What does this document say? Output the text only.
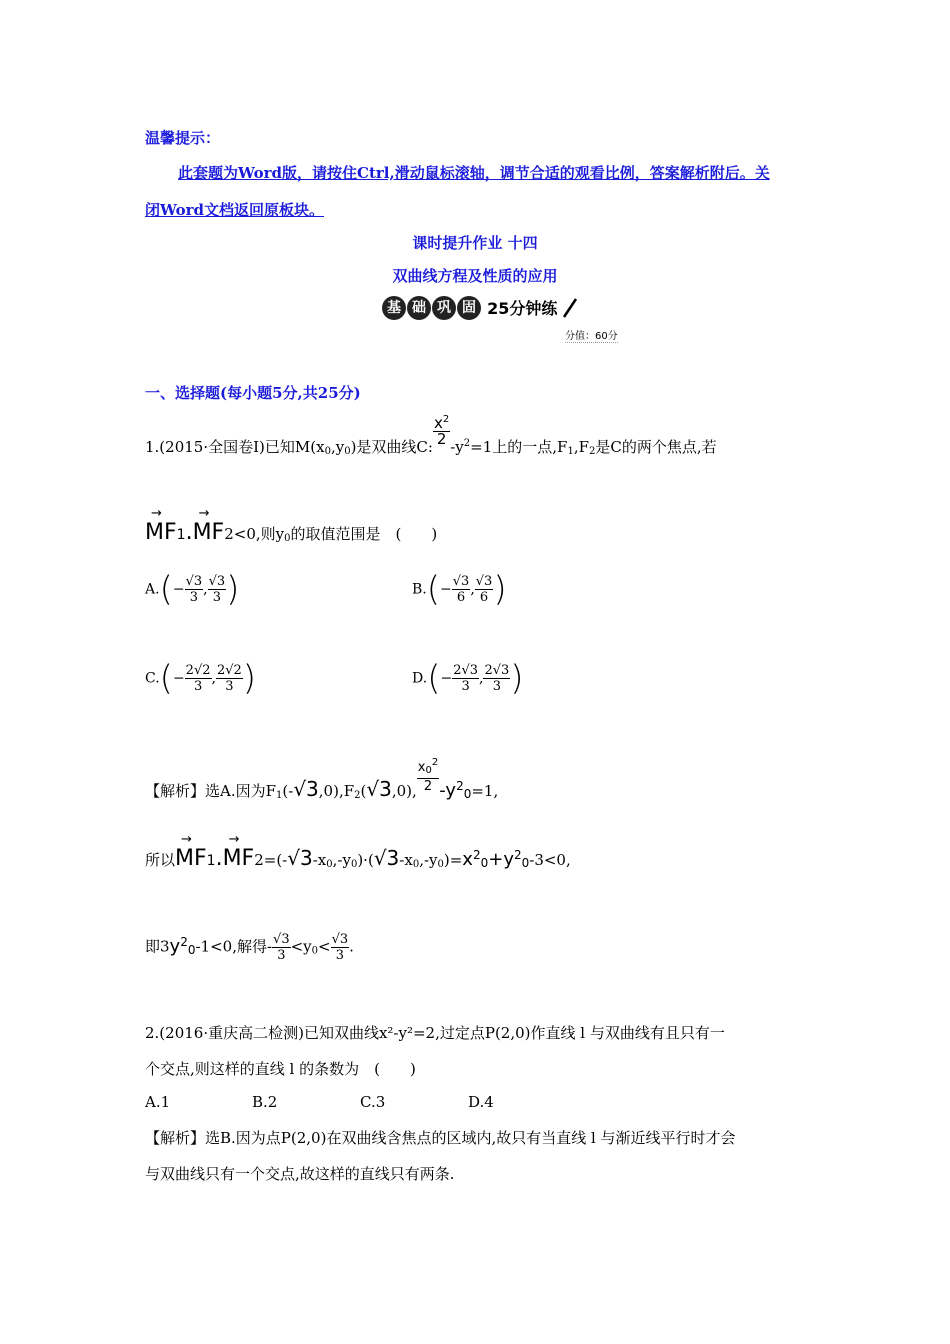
温馨提示：
此套题为Word版，请按住Ctrl,滑动鼠标滚轴，调节合适的观看比例，答案解析附后。关
闭Word文档返回原板块。
课时提升作业 十四
双曲线方程及性质的应用
基 础 巩 固 25分钟练
分值：60分
一、选择题(每小题5分,共25分)
1.(2015·全国卷Ⅰ)已知$M(x_0,y_0)$是双曲线C: $\frac{x^2}{2} -y^2=1$上的一点$,F_1,F_2$是C的两个焦点,若
→
MF1.
→
MF2<0,则$y_0$的取值范围是　(　　)
$A.(- \frac{√3}{3}$ , $\frac{√3}{3}$ )	$B.(- \frac{√3}{6}$ , $\frac{√3}{6}$ )
$C.(- \frac{2√2}{3}$ , $\frac{2√2}{3}$ )	$D.(- \frac{2√3}{3}$ , $\frac{2√3}{3}$ )
【解析】选A.因为$F_1(-√3,0),F_2(√3,0)$, $\frac{x_0^2}{2} -y^20=1$,
所以
→
MF1.
→
$MF2=(-√3-x_0,-y_0)\cdot(√3-x_0,-y_0)=x^20+y^20-3<0$,
即$3y^20-1<0$,解得- $\frac{√3}{3} <y_0< \frac{√3}{3}$ .
2.(2016·重庆高二检测)已知双曲线x²-y²=2,过定点P(2,0)作直线 l 与双曲线有且只有一
个交点,则这样的直线 l 的条数为　(　　)
A.1	B.2	C.3	D.4
【解析】选B.因为点P(2,0)在双曲线含焦点的区域内,故只有当直线 l 与渐近线平行时才会
与双曲线只有一个交点,故这样的直线只有两条.
